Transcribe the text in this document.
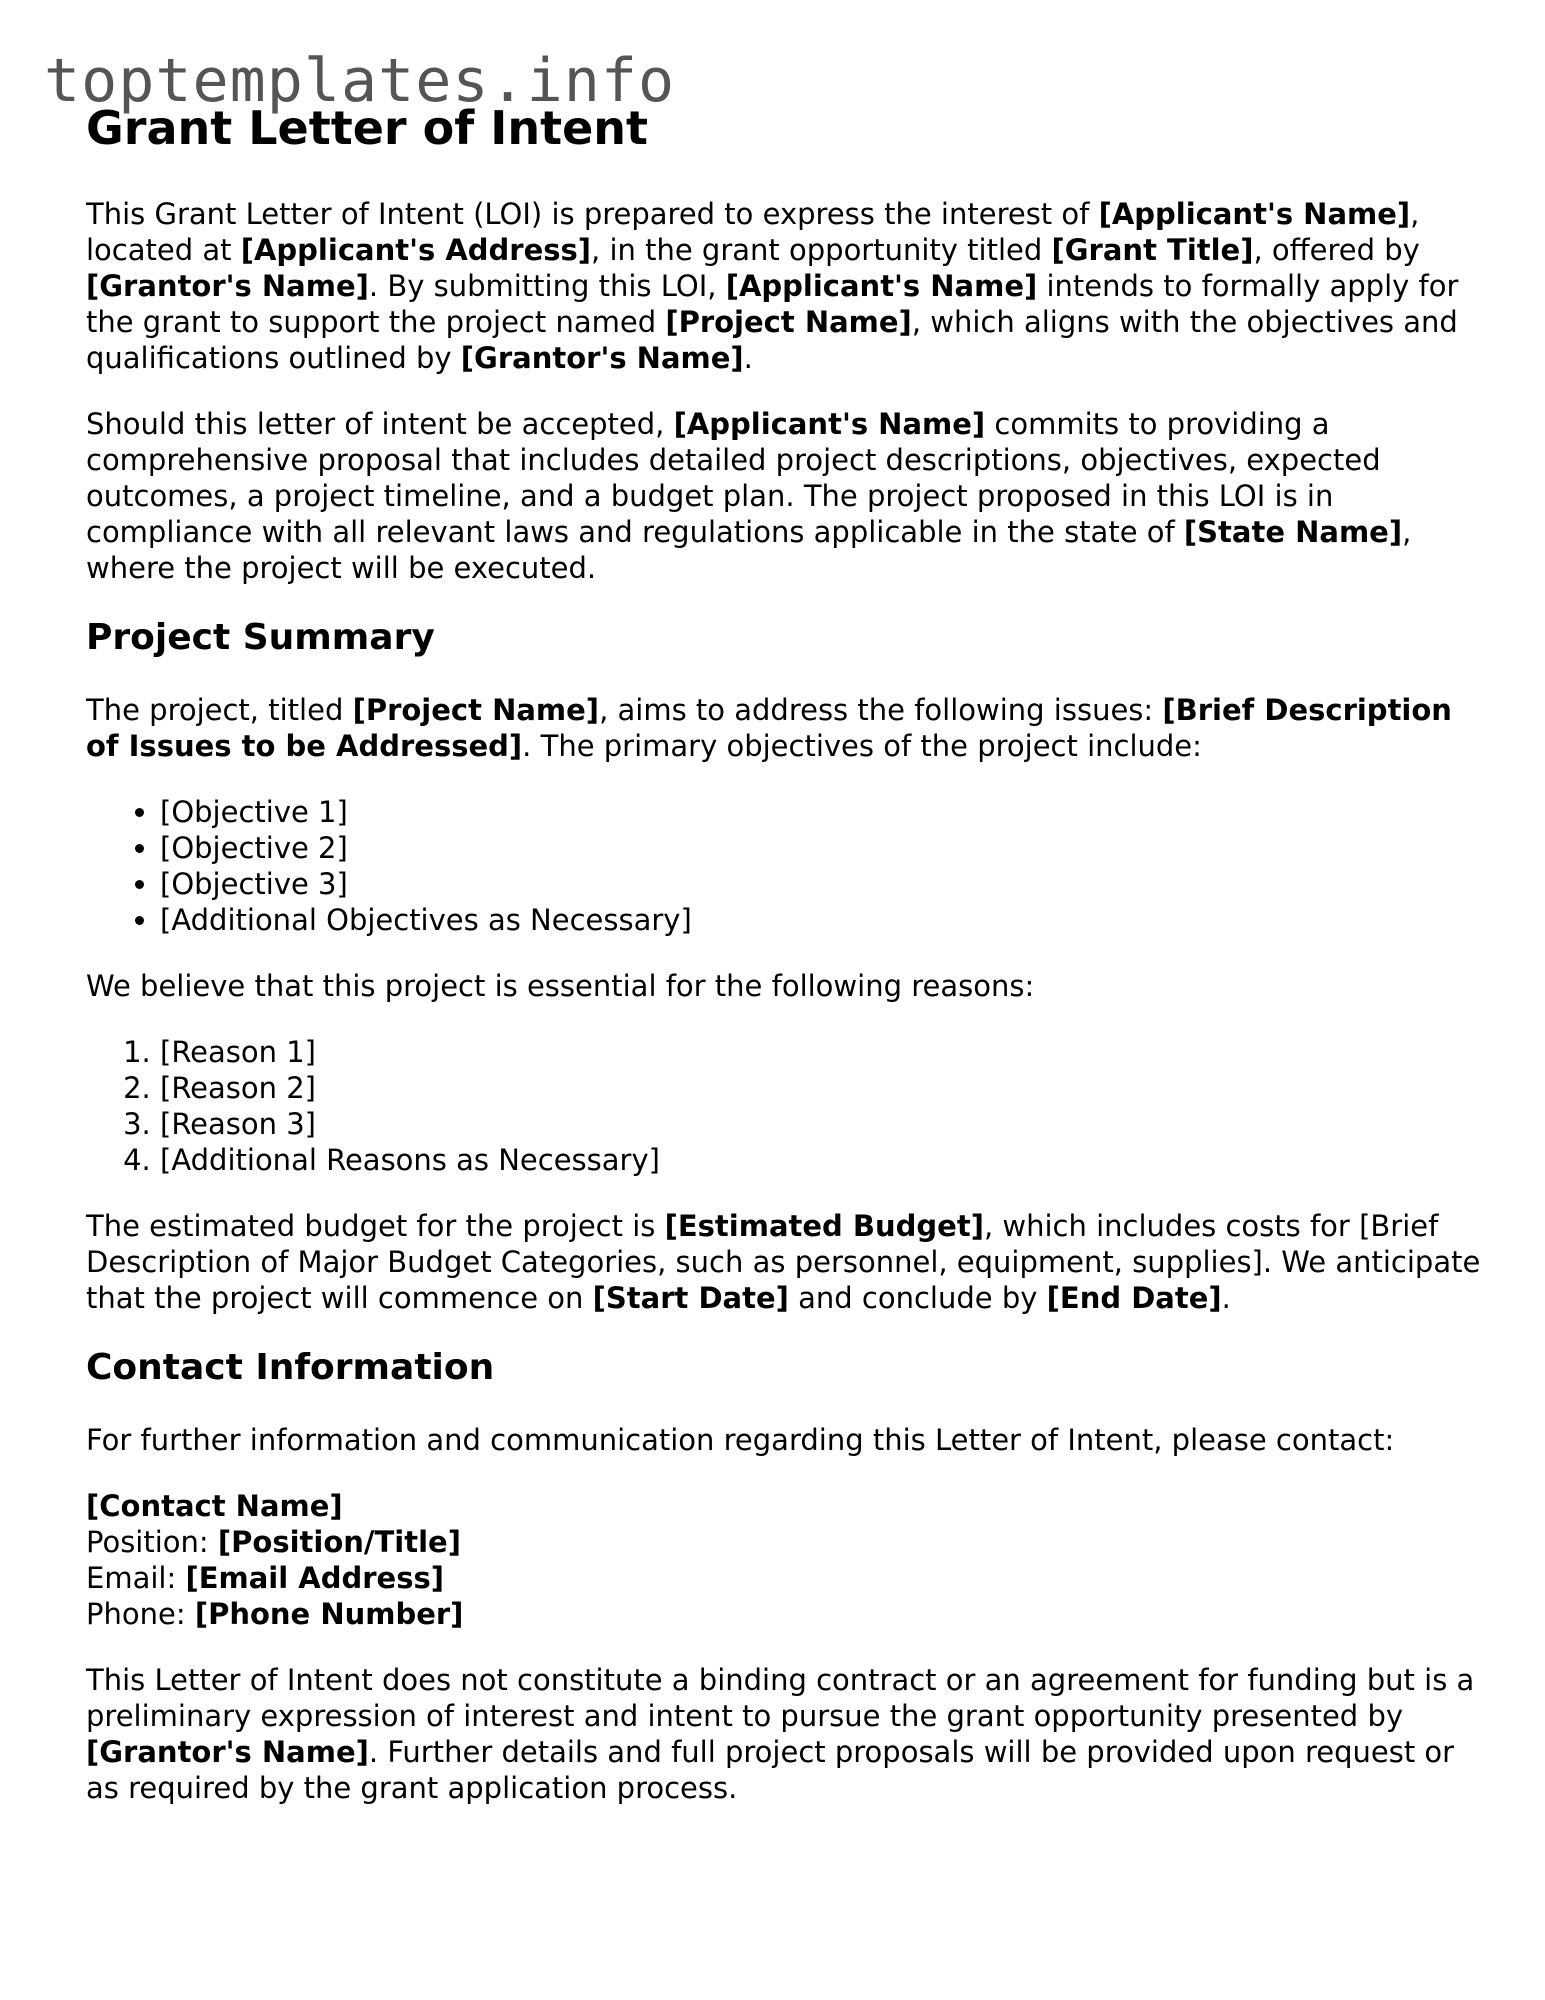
toptemplates.info
Grant Letter of Intent

This Grant Letter of Intent (LOI) is prepared to express the interest of [Applicant's Name], located at [Applicant's Address], in the grant opportunity titled [Grant Title], offered by [Grantor's Name]. By submitting this LOI, [Applicant's Name] intends to formally apply for the grant to support the project named [Project Name], which aligns with the objectives and qualifications outlined by [Grantor's Name].

Should this letter of intent be accepted, [Applicant's Name] commits to providing a comprehensive proposal that includes detailed project descriptions, objectives, expected outcomes, a project timeline, and a budget plan. The project proposed in this LOI is in compliance with all relevant laws and regulations applicable in the state of [State Name], where the project will be executed.

Project Summary

The project, titled [Project Name], aims to address the following issues: [Brief Description of Issues to be Addressed]. The primary objectives of the project include:

• [Objective 1]
• [Objective 2]
• [Objective 3]
• [Additional Objectives as Necessary]

We believe that this project is essential for the following reasons:

1. [Reason 1]
2. [Reason 2]
3. [Reason 3]
4. [Additional Reasons as Necessary]

The estimated budget for the project is [Estimated Budget], which includes costs for [Brief Description of Major Budget Categories, such as personnel, equipment, supplies]. We anticipate that the project will commence on [Start Date] and conclude by [End Date].

Contact Information

For further information and communication regarding this Letter of Intent, please contact:

[Contact Name]
Position: [Position/Title]
Email: [Email Address]
Phone: [Phone Number]

This Letter of Intent does not constitute a binding contract or an agreement for funding but is a preliminary expression of interest and intent to pursue the grant opportunity presented by [Grantor's Name]. Further details and full project proposals will be provided upon request or as required by the grant application process.
